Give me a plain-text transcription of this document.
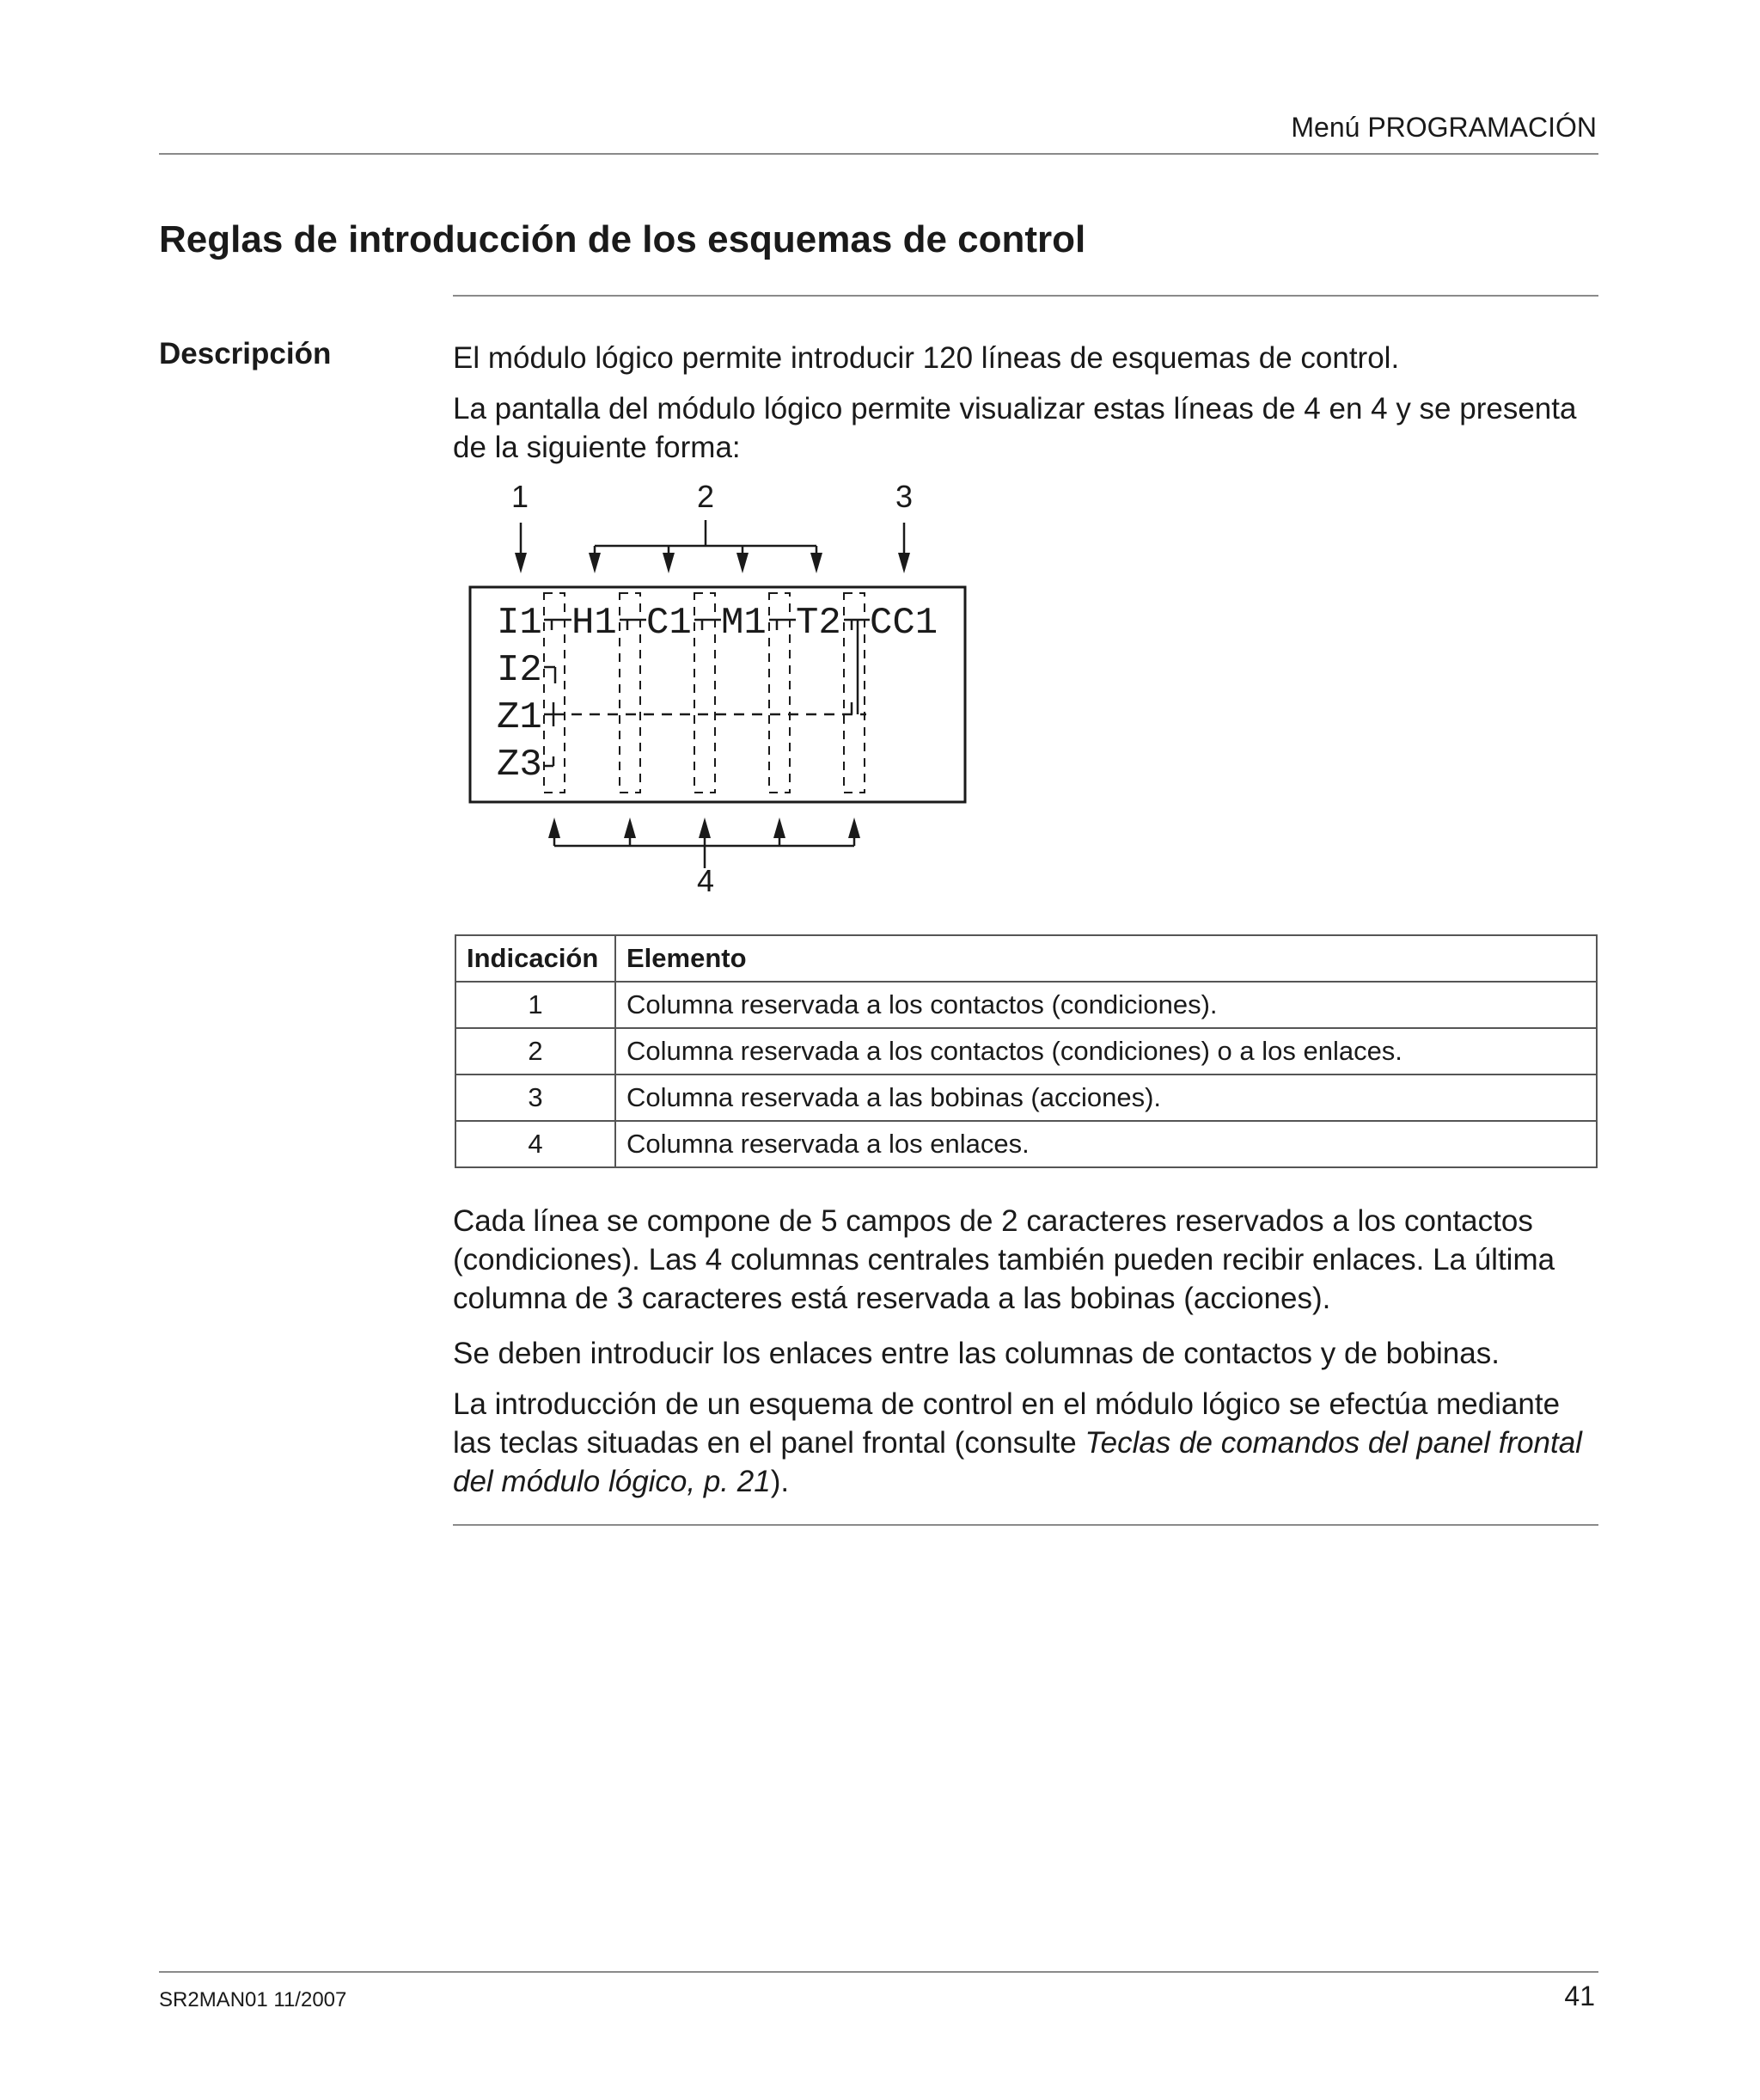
Menú PROGRAMACIÓN
Reglas de introducción de los esquemas de control
Descripción	El módulo lógico permite introducir 120 líneas de esquemas de control.
La pantalla del módulo lógico permite visualizar estas líneas de 4 en 4 y se presenta de la siguiente forma:
1	2	3
I1 H1 C1 M1 T2 CC1
I2
Z1
Z3
4
Indicación	Elemento
1	Columna reservada a los contactos (condiciones).
2	Columna reservada a los contactos (condiciones) o a los enlaces.
3	Columna reservada a las bobinas (acciones).
4	Columna reservada a los enlaces.
Cada línea se compone de 5 campos de 2 caracteres reservados a los contactos (condiciones). Las 4 columnas centrales también pueden recibir enlaces. La última columna de 3 caracteres está reservada a las bobinas (acciones).
Se deben introducir los enlaces entre las columnas de contactos y de bobinas.
La introducción de un esquema de control en el módulo lógico se efectúa mediante las teclas situadas en el panel frontal (consulte Teclas de comandos del panel frontal del módulo lógico, p. 21).
SR2MAN01 11/2007	41
